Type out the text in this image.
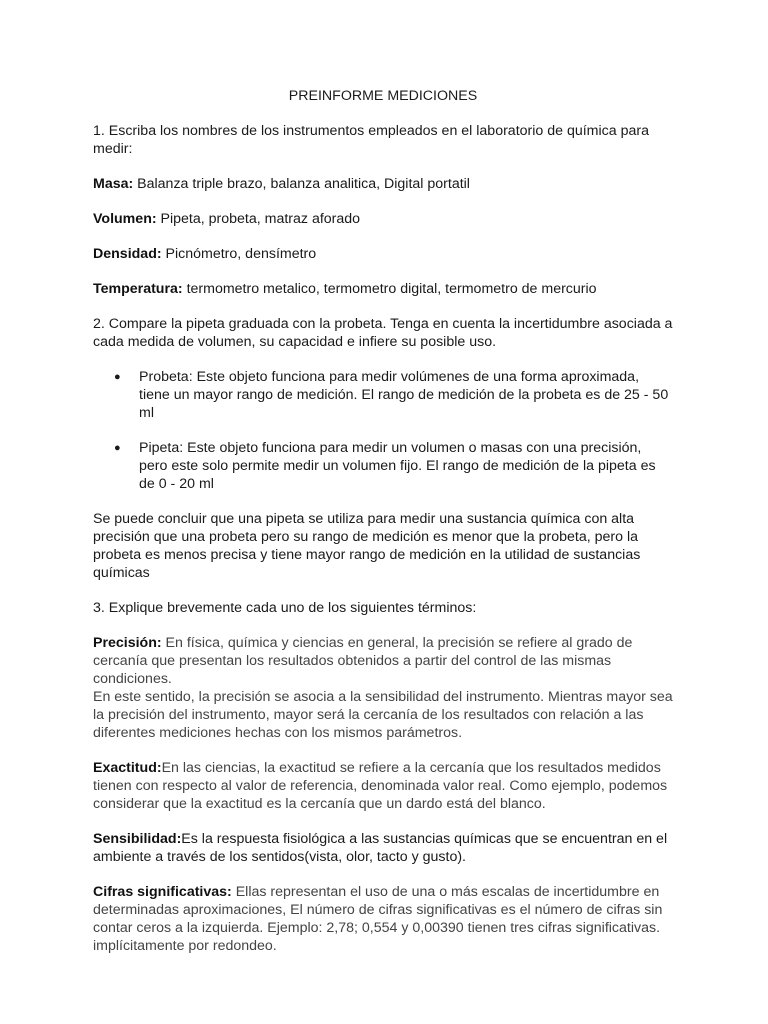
PREINFORME MEDICIONES

1. Escriba los nombres de los instrumentos empleados en el laboratorio de química para medir:

Masa: Balanza triple brazo, balanza analitica, Digital portatil

Volumen: Pipeta, probeta, matraz aforado

Densidad: Picnómetro, densímetro

Temperatura: termometro metalico, termometro digital, termometro de mercurio

2. Compare la pipeta graduada con la probeta. Tenga en cuenta la incertidumbre asociada a cada medida de volumen, su capacidad e infiere su posible uso.

● Probeta: Este objeto funciona para medir volúmenes de una forma aproximada, tiene un mayor rango de medición. El rango de medición de la probeta es de 25 - 50 ml
● Pipeta: Este objeto funciona para medir un volumen o masas con una precisión, pero este solo permite medir un volumen fijo. El rango de medición de la pipeta es de 0 - 20 ml

Se puede concluir que una pipeta se utiliza para medir una sustancia química con alta precisión que una probeta pero su rango de medición es menor que la probeta, pero la probeta es menos precisa y tiene mayor rango de medición en la utilidad de sustancias químicas

3. Explique brevemente cada uno de los siguientes términos:

Precisión: En física, química y ciencias en general, la precisión se refiere al grado de cercanía que presentan los resultados obtenidos a partir del control de las mismas condiciones.
En este sentido, la precisión se asocia a la sensibilidad del instrumento. Mientras mayor sea la precisión del instrumento, mayor será la cercanía de los resultados con relación a las diferentes mediciones hechas con los mismos parámetros.

Exactitud:En las ciencias, la exactitud se refiere a la cercanía que los resultados medidos tienen con respecto al valor de referencia, denominada valor real. Como ejemplo, podemos considerar que la exactitud es la cercanía que un dardo está del blanco.

Sensibilidad:Es la respuesta fisiológica a las sustancias químicas que se encuentran en el ambiente a través de los sentidos(vista, olor, tacto y gusto).

Cifras significativas: Ellas representan el uso de una o más escalas de incertidumbre en determinadas aproximaciones, El número de cifras significativas es el número de cifras sin contar ceros a la izquierda. Ejemplo: 2,78; 0,554 y 0,00390 tienen tres cifras significativas. implícitamente por redondeo.
